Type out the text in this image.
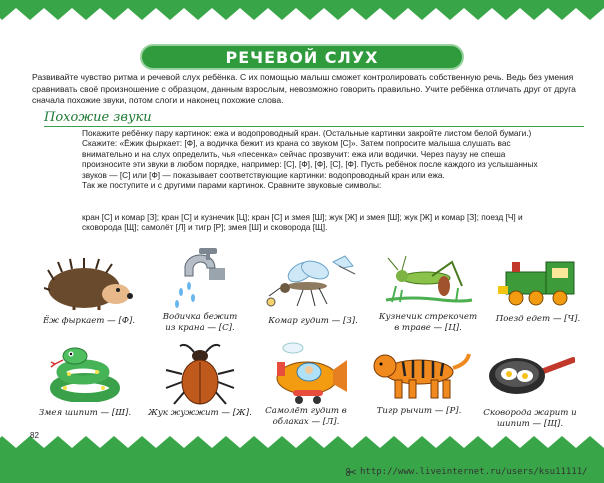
РЕЧЕВОЙ СЛУХ
Развивайте чувство ритма и речевой слух ребёнка. С их помощью малыш сможет контролировать собственную речь. Ведь без умения сравнивать своё произношение с образцом, данным взрослым, невозможно говорить правильно. Учите ребёнка отличать друг от друга сначала похожие звуки, потом слоги и наконец похожие слова.
Похожие звуки

Покажите ребёнку пару картинок: ежа и водопроводный кран. (Остальные картинки закройте листом белой бумаги.) Скажите: «Ёжик фыркает: [Ф], а водичка бежит из крана со звуком [С]». Затем попросите малыша слушать вас внимательно и на слух определить, чья «песенка» сейчас прозвучит: ежа или водички. Через паузу не спеша произносите эти звуки в любом порядке, например: [С], [Ф], [Ф], [С], [Ф]. Пусть ребёнок после каждого из услышанных звуков — [С] или [Ф] — показывает соответствующие картинки: водопроводный кран или ежа.

Так же поступите и с другими парами картинок. Сравните звуковые символы:

кран [С] и комар [З]; кран [С] и кузнечик [Ц]; кран [С] и змея [Ш]; жук [Ж] и змея [Ш]; жук [Ж] и комар [З]; поезд [Ч] и сковорода [Щ]; самолёт [Л] и тигр [Р]; змея [Ш] и сковорода [Щ].
Ёж фыркает — [Ф].	Водичка бежит из крана — [С].
Комар гудит — [З].	Кузнечик стрекочет в траве — [Ц].
Поезд едет — [Ч].
Змея шипит — [Ш].	Жук жужжит — [Ж].	Самолёт гудит в облаках — [Л].
Тигр рычит — [Р].	Сковорода жарит и шипит — [Щ].
82
http://www.liveinternet.ru/users/ksu11111/
